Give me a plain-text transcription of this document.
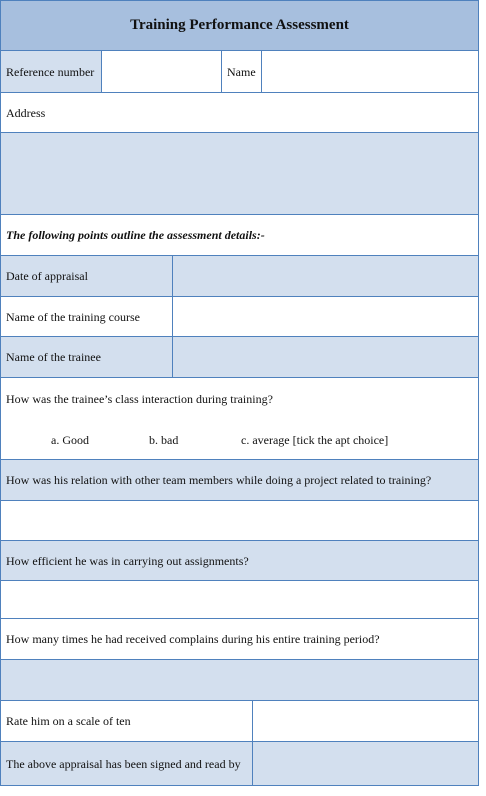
Training Performance Assessment
Reference number	Name
Address
The following points outline the assessment details:-
Date of appraisal
Name of the training course
Name of the trainee
How was the trainee’s class interaction during training?
a. Good	b. bad	c. average [tick the apt choice]
How was his relation with other team members while doing a project related to training?
How efficient he was in carrying out assignments?
How many times he had received complains during his entire training period?
Rate him on a scale of ten
The above appraisal has been signed and read by
